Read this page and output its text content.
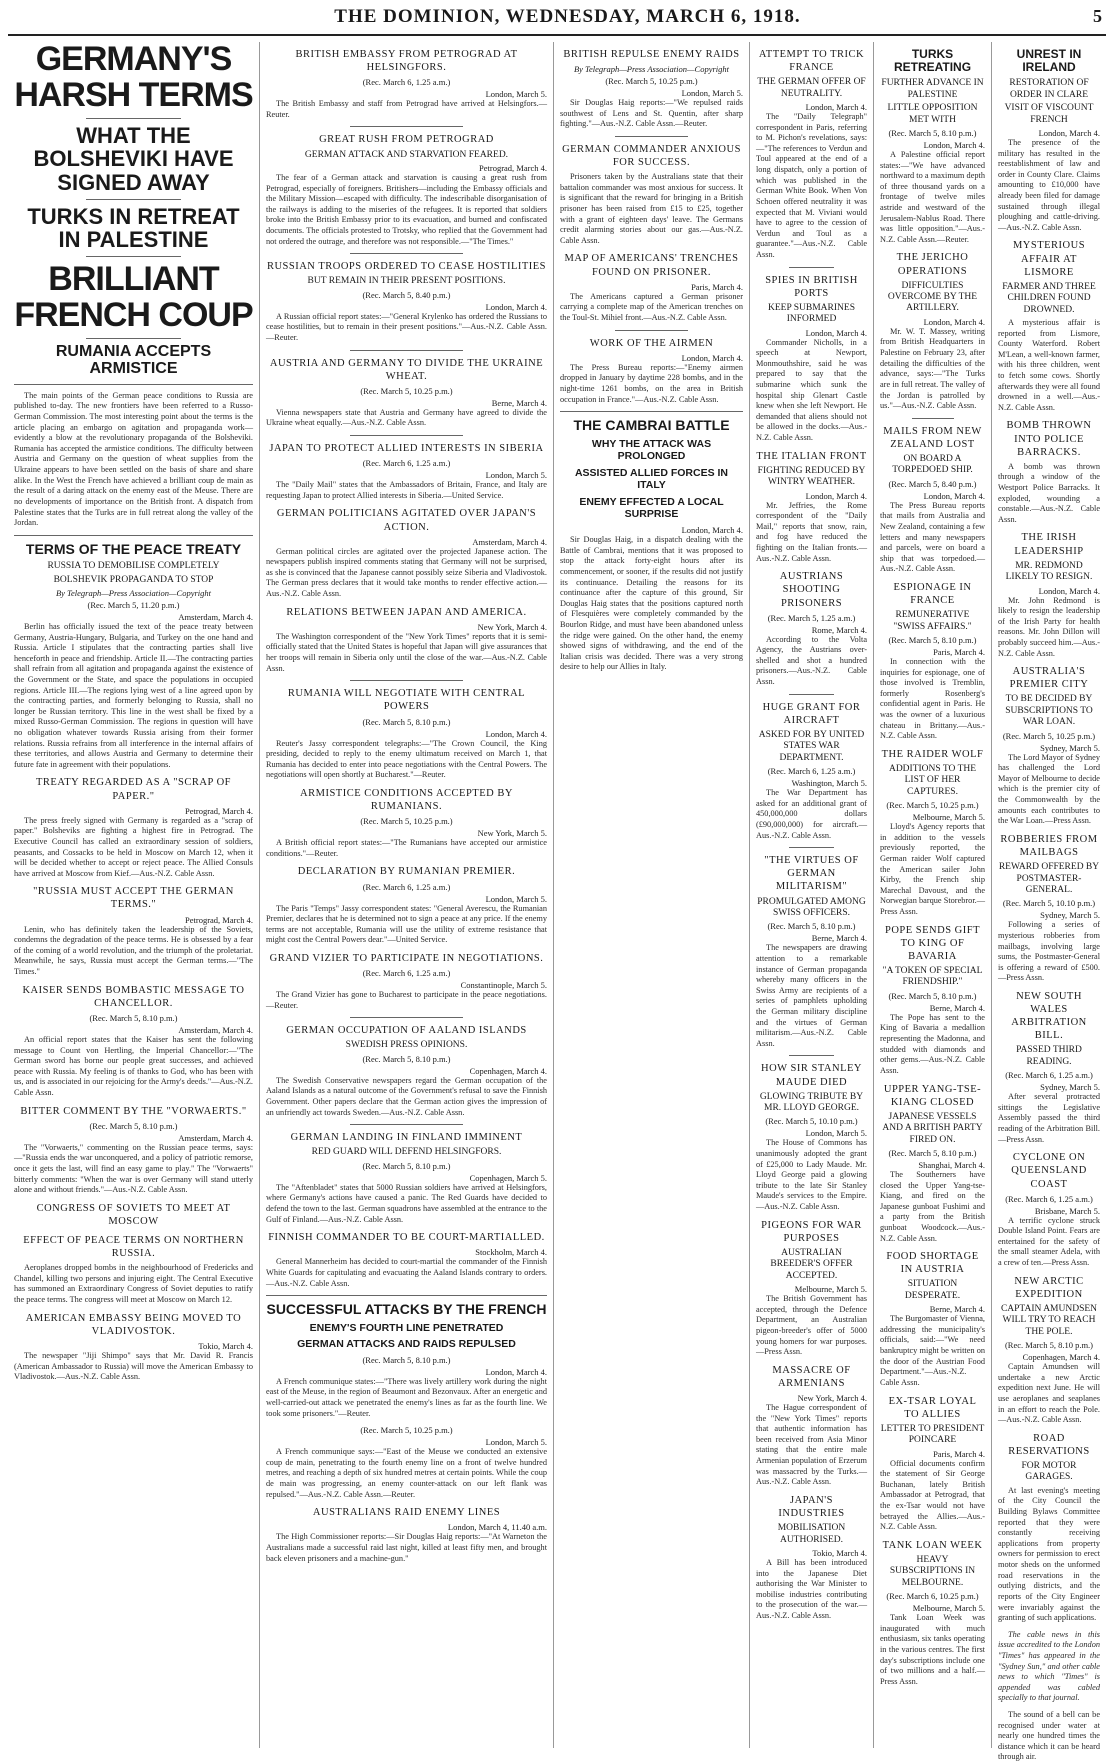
THE DOMINION, WEDNESDAY, MARCH 6, 1918.	5
GERMANY'S HARSH TERMS
WHAT THE BOLSHEVIKI HAVE SIGNED AWAY
TURKS IN RETREAT IN PALESTINE
BRILLIANT FRENCH COUP
RUMANIA ACCEPTS ARMISTICE

The main points of the German peace conditions to Russia are published to-day. The new frontiers have been referred to a Russo-German Commission. The most interesting point about the terms is the article placing an embargo on agitation and propaganda work—evidently a blow at the revolutionary propaganda of the Bolsheviki. Rumania has accepted the armistice conditions. The difficulty between Austria and Germany on the question of wheat supplies from the Ukraine appears to have been settled on the basis of share and share alike. In the West the French have achieved a brilliant coup de main as the result of a daring attack on the enemy east of the Meuse. There are no developments of importance on the British front. A dispatch from Palestine states that the Turks are in full retreat along the valley of the Jordan.

TERMS OF THE PEACE TREATY
RUSSIA TO DEMOBILISE COMPLETELY
BOLSHEVIK PROPAGANDA TO STOP
By Telegraph—Press Association—Copyright
(Rec. March 5, 11.20 p.m.)
Amsterdam, March 4.

Berlin has officially issued the text of the peace treaty between Germany, Austria-Hungary, Bulgaria, and Turkey on the one hand and Russia. Article I stipulates that the contracting parties shall live henceforth in peace and friendship. Article II.—The contracting parties shall refrain from all agitation and propaganda against the existence of the Government or the State, and space the populations in occupied regions. Article III.—The regions lying west of a line agreed upon by the contracting parties, and formerly belonging to Russia, shall no longer be Russian territory. This line in the west shall be fixed by a mixed Russo-German Commission. The regions in question will have no obligation whatever towards Russia arising from their former relations. Russia refrains from all interference in the internal affairs of these territories, and allows Austria and Germany to determine their future fate in agreement with their populations.

TREATY REGARDED AS A "SCRAP OF PAPER."
Petrograd, March 4.

The press freely signed with Germany is regarded as a "scrap of paper." Bolsheviks are fighting a highest fire in Petrograd. The Executive Council has called an extraordinary session of soldiers, peasants, and Cossacks to be held in Moscow on March 12, when it will be decided whether to accept or reject peace. The Allied Consuls have arrived at Moscow from Kief.—Aus.-N.Z. Cable Assn.

"RUSSIA MUST ACCEPT THE GERMAN TERMS."
Petrograd, March 4.

Lenin, who has definitely taken the leadership of the Soviets, condemns the degradation of the peace terms. He is obsessed by a fear of the coming of a world revolution, and the triumph of the proletariat. Meanwhile, he says, Russia must accept the German terms.—"The Times."

KAISER SENDS BOMBASTIC MESSAGE TO CHANCELLOR.
(Rec. March 5, 8.10 p.m.)
Amsterdam, March 4.

An official report states that the Kaiser has sent the following message to Count von Hertling, the Imperial Chancellor:—"The German sword has borne our people great successes, and achieved peace with Russia. My feeling is of thanks to God, who has been with us, and is associated in our rejoicing for the Army's deeds."—Aus.-N.Z. Cable Assn.

BITTER COMMENT BY THE "VORWAERTS."
(Rec. March 5, 8.10 p.m.)
Amsterdam, March 4.

The "Vorwaerts," commenting on the Russian peace terms, says:—"Russia ends the war unconquered, and a policy of patriotic remorse, once it gets the last, will find an easy game to play." The "Vorwaerts" bitterly comments: "When the war is over Germany will stand utterly alone and without friends."—Aus.-N.Z. Cable Assn.

CONGRESS OF SOVIETS TO MEET AT MOSCOW
EFFECT OF PEACE TERMS ON NORTHERN RUSSIA.

Aeroplanes dropped bombs in the neighbourhood of Fredericks and Chandel, killing two persons and injuring eight. The Central Executive has summoned an Extraordinary Congress of Soviet deputies to ratify the peace terms. The congress will meet at Moscow on March 12.

AMERICAN EMBASSY BEING MOVED TO VLADIVOSTOK.
Tokio, March 4.

The newspaper "Jiji Shimpo" says that Mr. David R. Francis (American Ambassador to Russia) will move the American Embassy to Vladivostok.—Aus.-N.Z. Cable Assn.

BRITISH EMBASSY FROM PETROGRAD AT HELSINGFORS.
(Rec. March 6, 1.25 a.m.)
London, March 5.

The British Embassy and staff from Petrograd have arrived at Helsingfors.—Reuter.

GREAT RUSH FROM PETROGRAD
GERMAN ATTACK AND STARVATION FEARED.
Petrograd, March 4.

The fear of a German attack and starvation is causing a great rush from Petrograd, especially of foreigners. Britishers—including the Embassy officials and the Military Mission—escaped with difficulty. The indescribable disorganisation of the railways is adding to the miseries of the refugees. It is reported that soldiers broke into the British Embassy prior to its evacuation, and burned and confiscated documents. The officials protested to Trotsky, who replied that the Government had not ordered the outrage, and therefore was not responsible.—"The Times."

RUSSIAN TROOPS ORDERED TO CEASE HOSTILITIES
BUT REMAIN IN THEIR PRESENT POSITIONS.
(Rec. March 5, 8.40 p.m.)
London, March 4.

A Russian official report states:—"General Krylenko has ordered the Russians to cease hostilities, but to remain in their present positions."—Aus.-N.Z. Cable Assn.—Reuter.

AUSTRIA AND GERMANY TO DIVIDE THE UKRAINE WHEAT.
(Rec. March 5, 10.25 p.m.)
Berne, March 4.

Vienna newspapers state that Austria and Germany have agreed to divide the Ukraine wheat equally.—Aus.-N.Z. Cable Assn.

JAPAN TO PROTECT ALLIED INTERESTS IN SIBERIA
(Rec. March 6, 1.25 a.m.)
London, March 5.

The "Daily Mail" states that the Ambassadors of Britain, France, and Italy are requesting Japan to protect Allied interests in Siberia.—United Service.

GERMAN POLITICIANS AGITATED OVER JAPAN'S ACTION.
Amsterdam, March 4.

German political circles are agitated over the projected Japanese action. The newspapers publish inspired comments stating that Germany will not be surprised, as she is convinced that the Japanese cannot possibly seize Siberia and Vladivostok. The German press declares that it would take months to render effective action.—Aus.-N.Z. Cable Assn.

RELATIONS BETWEEN JAPAN AND AMERICA.
New York, March 4.

The Washington correspondent of the "New York Times" reports that it is semi-officially stated that the United States is hopeful that Japan will give assurances that her troops will remain in Siberia only until the close of the war.—Aus.-N.Z. Cable Assn.

RUMANIA WILL NEGOTIATE WITH CENTRAL POWERS
(Rec. March 5, 8.10 p.m.)
London, March 4.

Reuter's Jassy correspondent telegraphs:—"The Crown Council, the King presiding, decided to reply to the enemy ultimatum received on March 1, that Rumania has decided to enter into peace negotiations with the Central Powers. The negotiations will open shortly at Bucharest."—Reuter.

ARMISTICE CONDITIONS ACCEPTED BY RUMANIANS.
(Rec. March 5, 10.25 p.m.)
New York, March 5.

A British official report states:—"The Rumanians have accepted our armistice conditions."—Reuter.

DECLARATION BY RUMANIAN PREMIER.
(Rec. March 6, 1.25 a.m.)
London, March 5.

The Paris "Temps" Jassy correspondent states: "General Averescu, the Rumanian Premier, declares that he is determined not to sign a peace at any price. If the enemy terms are not acceptable, Rumania will use the utility of extreme resistance that might cost the Central Powers dear."—United Service.

GRAND VIZIER TO PARTICIPATE IN NEGOTIATIONS.
(Rec. March 6, 1.25 a.m.)
Constantinople, March 5.

The Grand Vizier has gone to Bucharest to participate in the peace negotiations.—Reuter.

GERMAN OCCUPATION OF AALAND ISLANDS
SWEDISH PRESS OPINIONS.
(Rec. March 5, 8.10 p.m.)
Copenhagen, March 4.

The Swedish Conservative newspapers regard the German occupation of the Aaland Islands as a natural outcome of the Government's refusal to save the Finnish Government. Other papers declare that the German action gives the impression of an unfriendly act towards Sweden.—Aus.-N.Z. Cable Assn.

GERMAN LANDING IN FINLAND IMMINENT
RED GUARD WILL DEFEND HELSINGFORS.
(Rec. March 5, 8.10 p.m.)
Copenhagen, March 5.

The "Aftenbladet" states that 5000 Russian soldiers have arrived at Helsingfors, where Germany's actions have caused a panic. The Red Guards have decided to defend the town to the last. German squadrons have assembled at the entrance to the Gulf of Finland.—Aus.-N.Z. Cable Assn.

FINNISH COMMANDER TO BE COURT-MARTIALLED.
Stockholm, March 4.

General Mannerheim has decided to court-martial the commander of the Finnish White Guards for capitulating and evacuating the Aaland Islands contrary to orders.—Aus.-N.Z. Cable Assn.

SUCCESSFUL ATTACKS BY THE FRENCH
ENEMY'S FOURTH LINE PENETRATED
GERMAN ATTACKS AND RAIDS REPULSED
(Rec. March 5, 8.10 p.m.)
London, March 4.

A French communique states:—"There was lively artillery work during the night east of the Meuse, in the region of Beaumont and Bezonvaux. After an energetic and well-carried-out attack we penetrated the enemy's lines as far as the fourth line. We took some prisoners."—Reuter.

(Rec. March 5, 10.25 p.m.)
London, March 5.

A French communique says:—"East of the Meuse we conducted an extensive coup de main, penetrating to the fourth enemy line on a front of twelve hundred metres, and reaching a depth of six hundred metres at certain points. While the coup de main was progressing, an enemy counter-attack on our left flank was repulsed."—Aus.-N.Z. Cable Assn.—Reuter.

AUSTRALIANS RAID ENEMY LINES
London, March 4, 11.40 a.m.

The High Commissioner reports:—Sir Douglas Haig reports:—"At Warneton the Australians made a successful raid last night, killed at least fifty men, and brought back eleven prisoners and a machine-gun."

BRITISH REPULSE ENEMY RAIDS
By Telegraph—Press Association—Copyright
(Rec. March 5, 10.25 p.m.)
London, March 5.

Sir Douglas Haig reports:—"We repulsed raids southwest of Lens and St. Quentin, after sharp fighting."—Aus.-N.Z. Cable Assn.—Reuter.

GERMAN COMMANDER ANXIOUS FOR SUCCESS.

Prisoners taken by the Australians state that their battalion commander was most anxious for success. It is significant that the reward for bringing in a British prisoner has been raised from £15 to £25, together with a grant of eighteen days' leave. The Germans credit alarming stories about our gas.—Aus.-N.Z. Cable Assn.

MAP OF AMERICANS' TRENCHES FOUND ON PRISONER.
Paris, March 4.

The Americans captured a German prisoner carrying a complete map of the American trenches on the Toul-St. Mihiel front.—Aus.-N.Z. Cable Assn.

WORK OF THE AIRMEN
London, March 4.

The Press Bureau reports:—"Enemy airmen dropped in January by daytime 228 bombs, and in the night-time 1261 bombs, on the area in British occupation in France."—Aus.-N.Z. Cable Assn.

THE CAMBRAI BATTLE
WHY THE ATTACK WAS PROLONGED
ASSISTED ALLIED FORCES IN ITALY
ENEMY EFFECTED A LOCAL SURPRISE
London, March 4.

Sir Douglas Haig, in a dispatch dealing with the Battle of Cambrai, mentions that it was proposed to stop the attack forty-eight hours after its commencement, or sooner, if the results did not justify its continuance. Detailing the reasons for its continuance after the capture of this ground, Sir Douglas Haig states that the positions captured north of Flesquières were completely commanded by the Bourlon Ridge, and must have been abandoned unless the ridge were gained. On the other hand, the enemy showed signs of withdrawing, and the end of the Italian crisis was decided. There was a very strong desire to help our Allies in Italy.

ATTEMPT TO TRICK FRANCE
THE GERMAN OFFER OF NEUTRALITY.
London, March 4.

The "Daily Telegraph" correspondent in Paris, referring to M. Pichon's revelations, says:—"The references to Verdun and Toul appeared at the end of a long dispatch, only a portion of which was published in the German White Book. When Von Schoen offered neutrality it was expected that M. Viviani would have to agree to the cession of Verdun and Toul as a guarantee."—Aus.-N.Z. Cable Assn.

SPIES IN BRITISH PORTS
KEEP SUBMARINES INFORMED
London, March 4.

Commander Nicholls, in a speech at Newport, Monmouthshire, said he was prepared to say that the submarine which sunk the hospital ship Glenart Castle knew when she left Newport. He demanded that aliens should not be allowed in the docks.—Aus.-N.Z. Cable Assn.

THE ITALIAN FRONT
FIGHTING REDUCED BY WINTRY WEATHER.
London, March 4.

Mr. Jeffries, the Rome correspondent of the "Daily Mail," reports that snow, rain, and fog have reduced the fighting on the Italian fronts.—Aus.-N.Z. Cable Assn.

AUSTRIANS SHOOTING PRISONERS
(Rec. March 5, 1.25 a.m.)
Rome, March 4.

According to the Volta Agency, the Austrians over-shelled and shot a hundred prisoners.—Aus.-N.Z. Cable Assn.

HUGE GRANT FOR AIRCRAFT
ASKED FOR BY UNITED STATES WAR DEPARTMENT.
(Rec. March 6, 1.25 a.m.)
Washington, March 5.

The War Department has asked for an additional grant of 450,000,000 dollars (£90,000,000) for aircraft.—Aus.-N.Z. Cable Assn.

"THE VIRTUES OF GERMAN MILITARISM"
PROMULGATED AMONG SWISS OFFICERS.
(Rec. March 5, 8.10 p.m.)
Berne, March 4.

The newspapers are drawing attention to a remarkable instance of German propaganda whereby many officers in the Swiss Army are recipients of a series of pamphlets upholding the German military discipline and the virtues of German militarism.—Aus.-N.Z. Cable Assn.

HOW SIR STANLEY MAUDE DIED
GLOWING TRIBUTE BY MR. LLOYD GEORGE.
(Rec. March 5, 10.10 p.m.)
London, March 5.

The House of Commons has unanimously adopted the grant of £25,000 to Lady Maude. Mr. Lloyd George paid a glowing tribute to the late Sir Stanley Maude's services to the Empire.—Aus.-N.Z. Cable Assn.

PIGEONS FOR WAR PURPOSES
AUSTRALIAN BREEDER'S OFFER ACCEPTED.
Melbourne, March 5.

The British Government has accepted, through the Defence Department, an Australian pigeon-breeder's offer of 5000 young homers for war purposes.—Press Assn.

MASSACRE OF ARMENIANS
New York, March 4.

The Hague correspondent of the "New York Times" reports that authentic information has been received from Asia Minor stating that the entire male Armenian population of Erzerum was massacred by the Turks.—Aus.-N.Z. Cable Assn.

JAPAN'S INDUSTRIES
MOBILISATION AUTHORISED.
Tokio, March 4.

A Bill has been introduced into the Japanese Diet authorising the War Minister to mobilise industries contributing to the prosecution of the war.—Aus.-N.Z. Cable Assn.

TURKS RETREATING
FURTHER ADVANCE IN PALESTINE
LITTLE OPPOSITION MET WITH
(Rec. March 5, 8.10 p.m.)
London, March 4.

A Palestine official report states:—"We have advanced northward to a maximum depth of three thousand yards on a frontage of twelve miles astride and westward of the Jerusalem-Nablus Road. There was little opposition."—Aus.-N.Z. Cable Assn.—Reuter.

THE JERICHO OPERATIONS
DIFFICULTIES OVERCOME BY THE ARTILLERY.
London, March 4.

Mr. W. T. Massey, writing from British Headquarters in Palestine on February 23, after detailing the difficulties of the advance, says:—"The Turks are in full retreat. The valley of the Jordan is patrolled by us."—Aus.-N.Z. Cable Assn.

MAILS FROM NEW ZEALAND LOST
ON BOARD A TORPEDOED SHIP.
(Rec. March 5, 8.40 p.m.)
London, March 4.

The Press Bureau reports that mails from Australia and New Zealand, containing a few letters and many newspapers and parcels, were on board a ship that was torpedoed.—Aus.-N.Z. Cable Assn.

ESPIONAGE IN FRANCE
REMUNERATIVE "SWISS AFFAIRS."
(Rec. March 5, 8.10 p.m.)
Paris, March 4.

In connection with the inquiries for espionage, one of those involved is Tremblin, formerly Rosenberg's confidential agent in Paris. He was the owner of a luxurious chateau in Brittany.—Aus.-N.Z. Cable Assn.

THE RAIDER WOLF
ADDITIONS TO THE LIST OF HER CAPTURES.
(Rec. March 5, 10.25 p.m.)
Melbourne, March 5.

Lloyd's Agency reports that in addition to the vessels previously reported, the German raider Wolf captured the American sailer John Kirby, the French ship Marechal Davoust, and the Norwegian barque Storebror.—Press Assn.

POPE SENDS GIFT TO KING OF BAVARIA
"A TOKEN OF SPECIAL FRIENDSHIP."
(Rec. March 5, 8.10 p.m.)
Berne, March 4.

The Pope has sent to the King of Bavaria a medallion representing the Madonna, and studded with diamonds and other gems.—Aus.-N.Z. Cable Assn.

UPPER YANG-TSE-KIANG CLOSED
JAPANESE VESSELS AND A BRITISH PARTY FIRED ON.
(Rec. March 5, 8.10 p.m.)
Shanghai, March 4.

The Southerners have closed the Upper Yang-tse-Kiang, and fired on the Japanese gunboat Fushimi and a party from the British gunboat Woodcock.—Aus.-N.Z. Cable Assn.

FOOD SHORTAGE IN AUSTRIA
SITUATION DESPERATE.
Berne, March 4.

The Burgomaster of Vienna, addressing the municipality's officials, said:—"We need bankruptcy might be written on the door of the Austrian Food Department."—Aus.-N.Z. Cable Assn.

EX-TSAR LOYAL TO ALLIES
LETTER TO PRESIDENT POINCARE
Paris, March 4.

Official documents confirm the statement of Sir George Buchanan, lately British Ambassador at Petrograd, that the ex-Tsar would not have betrayed the Allies.—Aus.-N.Z. Cable Assn.

TANK LOAN WEEK
HEAVY SUBSCRIPTIONS IN MELBOURNE.
(Rec. March 6, 10.25 p.m.)
Melbourne, March 5.

Tank Loan Week was inaugurated with much enthusiasm, six tanks operating in the various centres. The first day's subscriptions include one of two millions and a half.—Press Assn.

UNREST IN IRELAND
RESTORATION OF ORDER IN CLARE
VISIT OF VISCOUNT FRENCH
London, March 4.

The presence of the military has resulted in the reestablishment of law and order in County Clare. Claims amounting to £10,000 have already been filed for damage sustained through illegal ploughing and cattle-driving.—Aus.-N.Z. Cable Assn.

MYSTERIOUS AFFAIR AT LISMORE
FARMER AND THREE CHILDREN FOUND DROWNED.

A mysterious affair is reported from Lismore, County Waterford. Robert M'Lean, a well-known farmer, with his three children, went to fetch some cows. Shortly afterwards they were all found drowned in a well.—Aus.-N.Z. Cable Assn.

BOMB THROWN INTO POLICE BARRACKS.

A bomb was thrown through a window of the Westport Police Barracks. It exploded, wounding a constable.—Aus.-N.Z. Cable Assn.

THE IRISH LEADERSHIP
MR. REDMOND LIKELY TO RESIGN.
London, March 4.

Mr. John Redmond is likely to resign the leadership of the Irish Party for health reasons. Mr. John Dillon will probably succeed him.—Aus.-N.Z. Cable Assn.

AUSTRALIA'S PREMIER CITY
TO BE DECIDED BY SUBSCRIPTIONS TO WAR LOAN.
(Rec. March 5, 10.25 p.m.)
Sydney, March 5.

The Lord Mayor of Sydney has challenged the Lord Mayor of Melbourne to decide which is the premier city of the Commonwealth by the amounts each contributes to the War Loan.—Press Assn.

ROBBERIES FROM MAILBAGS
REWARD OFFERED BY POSTMASTER-GENERAL.
(Rec. March 5, 10.10 p.m.)
Sydney, March 5.

Following a series of mysterious robberies from mailbags, involving large sums, the Postmaster-General is offering a reward of £500.—Press Assn.

NEW SOUTH WALES ARBITRATION BILL.
PASSED THIRD READING.
(Rec. March 6, 1.25 a.m.)
Sydney, March 5.

After several protracted sittings the Legislative Assembly passed the third reading of the Arbitration Bill.—Press Assn.

CYCLONE ON QUEENSLAND COAST
(Rec. March 6, 1.25 a.m.)
Brisbane, March 5.

A terrific cyclone struck Double Island Point. Fears are entertained for the safety of the small steamer Adela, with a crew of ten.—Press Assn.

NEW ARCTIC EXPEDITION
CAPTAIN AMUNDSEN WILL TRY TO REACH THE POLE.
(Rec. March 5, 8.10 p.m.)
Copenhagen, March 4.

Captain Amundsen will undertake a new Arctic expedition next June. He will use aeroplanes and seaplanes in an effort to reach the Pole.—Aus.-N.Z. Cable Assn.

ROAD RESERVATIONS
FOR MOTOR GARAGES.

At last evening's meeting of the City Council the Building Bylaws Committee reported that they were constantly receiving applications from property owners for permission to erect motor sheds on the unformed road reservations in the outlying districts, and the reports of the City Engineer were invariably against the granting of such applications.

The cable news in this issue accredited to the London "Times" has appeared in the "Sydney Sun," and other cable news to which "Times" is appended was cabled specially to that journal.

The sound of a bell can be recognised under water at nearly one hundred times the distance which it can be heard through air.
